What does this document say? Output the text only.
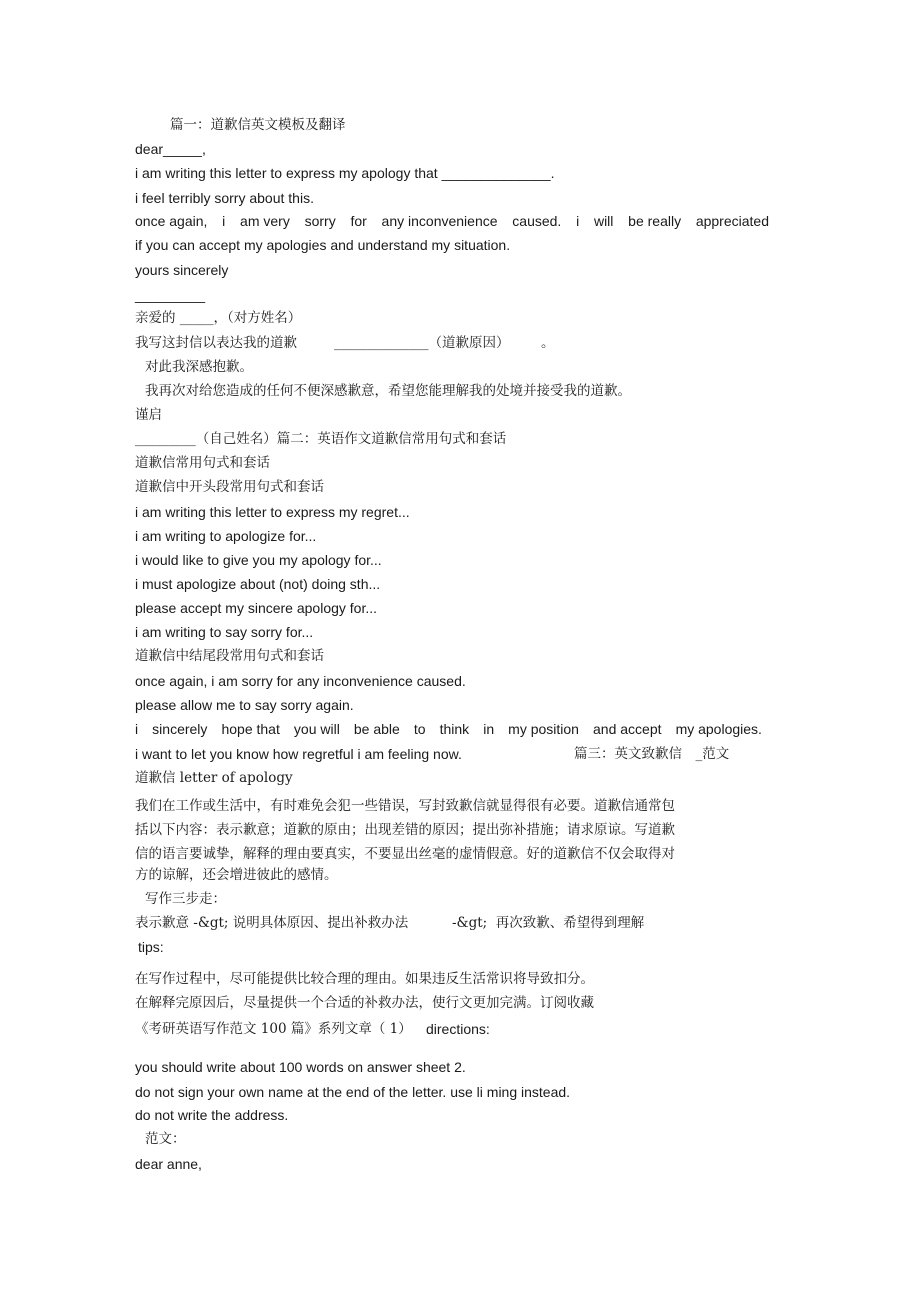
篇一：道歉信英文模板及翻译

dear_____,

i am writing this letter to express my apology that ______________.

i feel terribly sorry about this.

once again, i am very sorry for any inconvenience caused. i will be really appreciated

if you can accept my apologies and understand my situation.

yours sincerely

_________

亲爱的 _____，（对方姓名）

我写这封信以表达我的道歉	______________（道歉原因） 。

对此我深感抱歉。

我再次对给您造成的任何不便深感歉意，希望您能理解我的处境并接受我的道歉。

谨启

_________（自己姓名）篇二：英语作文道歉信常用句式和套话

道歉信常用句式和套话

道歉信中开头段常用句式和套话

i am writing this letter to express my regret...

i am writing to apologize for...

i would like to give you my apology for...

i must apologize about (not) doing sth...

please accept my sincere apology for...

i am writing to say sorry for...

道歉信中结尾段常用句式和套话

once again, i am sorry for any inconvenience caused.

please allow me to say sorry again.

i sincerely hope that you will be able to think in my position and accept my apologies.

i want to let you know how regretful i am feeling now.	篇三：英文致歉信　_范文

道歉信 letter of apology

我们在工作或生活中，有时难免会犯一些错误，写封致歉信就显得很有必要。道歉信通常包

括以下内容：表示歉意；道歉的原由；出现差错的原因；提出弥补措施；请求原谅。写道歉

信的语言要诚挚，解释的理由要真实，不要显出丝毫的虚情假意。好的道歉信不仅会取得对

方的谅解，还会增进彼此的感情。

写作三步走：

表示歉意 -&gt; 说明具体原因、提出补救办法	-&gt;  再次致歉、希望得到理解

tips:

在写作过程中，尽可能提供比较合理的理由。如果违反生活常识将导致扣分。

在解释完原因后，尽量提供一个合适的补救办法，使行文更加完满。订阅收藏

《考研英语写作范文 100 篇》系列文章（ 1） directions:

you should write about 100 words on answer sheet 2.

do not sign your own name at the end of the letter. use li ming instead.

do not write the address.

范文：

dear anne,
